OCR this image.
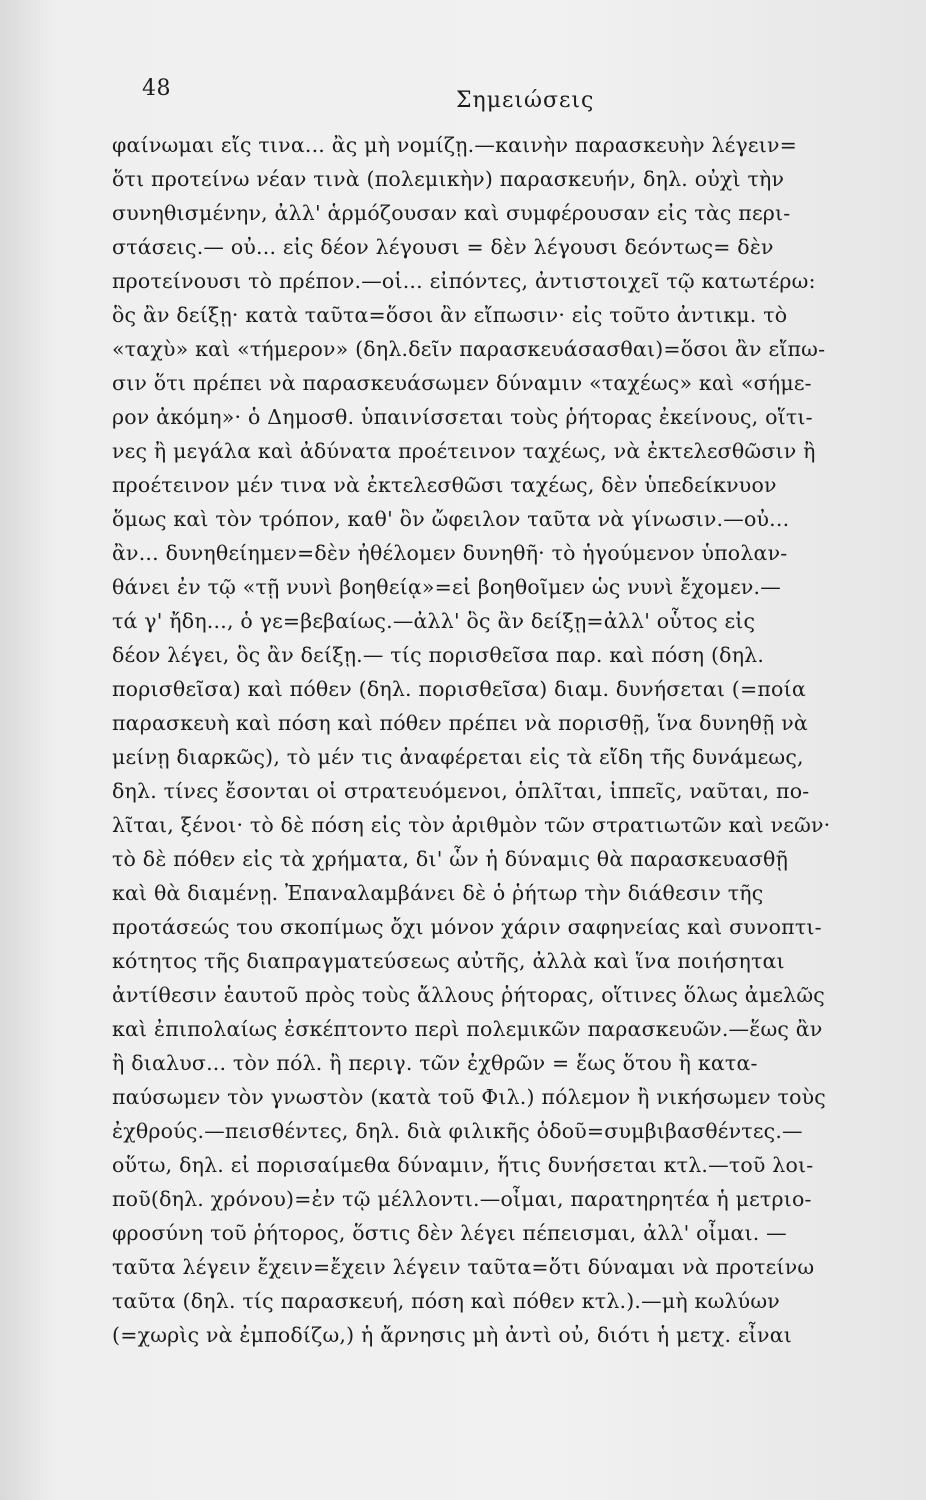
48	Σημειώσεις
φαίνωμαι εἴς τινα... ἂς μὴ νομίζῃ.—καινὴν παρασκευὴν λέγειν=
ὅτι προτείνω νέαν τινὰ (πολεμικὴν) παρασκευήν, δηλ. οὐχὶ τὴν
συνηθισμένην, ἀλλ' ἁρμόζουσαν καὶ συμφέρουσαν εἰς τὰς περι-
στάσεις.— οὐ... εἰς δέον λέγουσι = δὲν λέγουσι δεόντως= δὲν
προτείνουσι τὸ πρέπον.—οἱ... εἰπόντες, ἀντιστοιχεῖ τῷ κατωτέρω:
ὃς ἂν δείξῃ· κατὰ ταῦτα=ὅσοι ἂν εἴπωσιν· εἰς τοῦτο ἀντικμ. τὸ
«ταχὺ» καὶ «τήμερον» (δηλ.δεῖν παρασκευάσασθαι)=ὅσοι ἂν εἴπω-
σιν ὅτι πρέπει νὰ παρασκευάσωμεν δύναμιν «ταχέως» καὶ «σήμε-
ρον ἀκόμη»· ὁ Δημοσθ. ὑπαινίσσεται τοὺς ῥήτορας ἐκείνους, οἵτι-
νες ἢ μεγάλα καὶ ἀδύνατα προέτεινον ταχέως, νὰ ἐκτελεσθῶσιν ἢ
προέτεινον μέν τινα νὰ ἐκτελεσθῶσι ταχέως, δὲν ὑπεδείκνυον
ὅμως καὶ τὸν τρόπον, καθ' ὃν ὤφειλον ταῦτα νὰ γίνωσιν.—οὐ...
ἂν... δυνηθείημεν=δὲν ἠθέλομεν δυνηθῆ· τὸ ἡγούμενον ὑπολαν-
θάνει ἐν τῷ «τῇ νυνὶ βοηθείᾳ»=εἰ βοηθοῖμεν ὡς νυνὶ ἔχομεν.—
τά γ' ἤδη..., ὁ γε=βεβαίως.—ἀλλ' ὃς ἂν δείξῃ=ἀλλ' οὗτος εἰς
δέον λέγει, ὃς ἂν δείξῃ.— τίς πορισθεῖσα παρ. καὶ πόση (δηλ.
πορισθεῖσα) καὶ πόθεν (δηλ. πορισθεῖσα) διαμ. δυνήσεται (=ποία
παρασκευὴ καὶ πόση καὶ πόθεν πρέπει νὰ πορισθῇ, ἵνα δυνηθῇ νὰ
μείνῃ διαρκῶς), τὸ μέν τις ἀναφέρεται εἰς τὰ εἴδη τῆς δυνάμεως,
δηλ. τίνες ἔσονται οἱ στρατευόμενοι, ὁπλῖται, ἱππεῖς, ναῦται, πο-
λῖται, ξένοι· τὸ δὲ πόση εἰς τὸν ἀριθμὸν τῶν στρατιωτῶν καὶ νεῶν·
τὸ δὲ πόθεν εἰς τὰ χρήματα, δι' ὧν ἡ δύναμις θὰ παρασκευασθῇ
καὶ θὰ διαμένῃ. Ἐπαναλαμβάνει δὲ ὁ ῥήτωρ τὴν διάθεσιν τῆς
προτάσεώς του σκοπίμως ὄχι μόνον χάριν σαφηνείας καὶ συνοπτι-
κότητος τῆς διαπραγματεύσεως αὐτῆς, ἀλλὰ καὶ ἵνα ποιήσηται
ἀντίθεσιν ἑαυτοῦ πρὸς τοὺς ἄλλους ῥήτορας, οἵτινες ὅλως ἀμελῶς
καὶ ἐπιπολαίως ἐσκέπτοντο περὶ πολεμικῶν παρασκευῶν.—ἕως ἂν
ἢ διαλυσ... τὸν πόλ. ἢ περιγ. τῶν ἐχθρῶν = ἕως ὅτου ἢ κατα-
παύσωμεν τὸν γνωστὸν (κατὰ τοῦ Φιλ.) πόλεμον ἢ νικήσωμεν τοὺς
ἐχθρούς.—πεισθέντες, δηλ. διὰ φιλικῆς ὁδοῦ=συμβιβασθέντες.—
οὕτω, δηλ. εἰ πορισαίμεθα δύναμιν, ἥτις δυνήσεται κτλ.—τοῦ λοι-
ποῦ(δηλ. χρόνου)=ἐν τῷ μέλλοντι.—οἶμαι, παρατηρητέα ἡ μετριο-
φροσύνη τοῦ ῥήτορος, ὅστις δὲν λέγει πέπεισμαι, ἀλλ' οἶμαι. —
ταῦτα λέγειν ἔχειν=ἔχειν λέγειν ταῦτα=ὅτι δύναμαι νὰ προτείνω
ταῦτα (δηλ. τίς παρασκευή, πόση καὶ πόθεν κτλ.).—μὴ κωλύων
(=χωρὶς νὰ ἐμποδίζω,) ἡ ἄρνησις μὴ ἀντὶ οὐ, διότι ἡ μετχ. εἶναι
